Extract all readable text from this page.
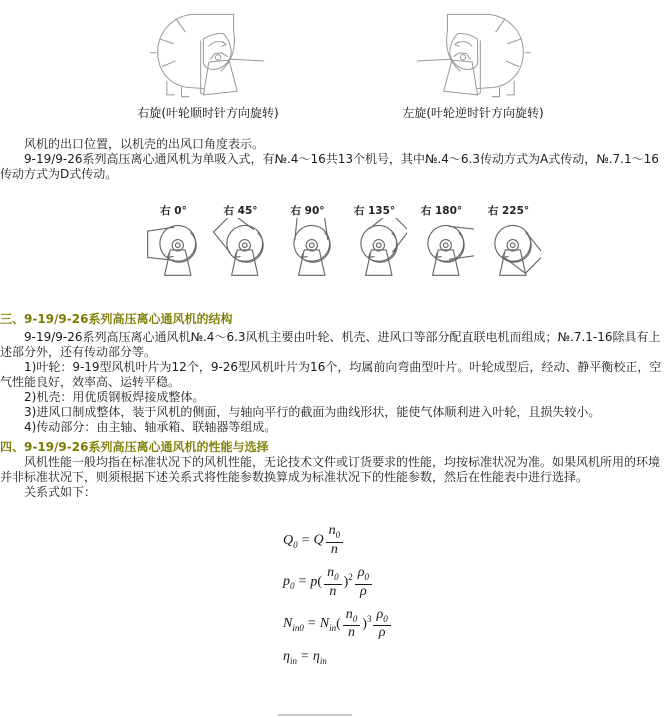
右旋(叶轮顺时针方向旋转)	左旋(叶轮逆时针方向旋转)

风机的出口位置，以机壳的出风口角度表示。

9-19/9-26系列高压离心通风机为单吸入式，有№.4～16共13个机号，其中№.4～6.3传动方式为A式传动，№.7.1～16传动方式为D式传动。

右 0°	右 45°	右 90°	右 135°	右 180°	右 225°

三、9-19/9-26系列高压离心通风机的结构

9-19/9-26系列高压离心通风机№.4～6.3风机主要由叶轮、机壳、进风口等部分配直联电机而组成；№.7.1-16除具有上述部分外，还有传动部分等。

1)叶轮：9-19型风机叶片为12个，9-26型风机叶片为16个，均属前向弯曲型叶片。叶轮成型后，经动、静平衡校正，空气性能良好，效率高、运转平稳。

2)机壳：用优质钢板焊接成整体。

3)进风口制成整体，装于风机的侧面，与轴向平行的截面为曲线形状，能使气体顺利进入叶轮，且损失较小。

4)传动部分：由主轴、轴承箱、联轴器等组成。

四、9-19/9-26系列高压离心通风机的性能与选择

风机性能一般均指在标准状况下的风机性能，无论技术文件或订货要求的性能，均按标准状况为准。如果风机所用的环境并非标准状况下，则须根据下述关系式将性能参数换算成为标准状况下的性能参数，然后在性能表中进行选择。

关系式如下：

$Q_0 = Q \frac{n_0}{n}$
$p_0 = p( \frac{n_0}{n} )^2 \frac{\rho_0}{\rho}$
$N_{in0} = N_{in}( \frac{n_0}{n} )^3 \frac{\rho_0}{\rho}$
$\eta_{in} = \eta_{in}$
